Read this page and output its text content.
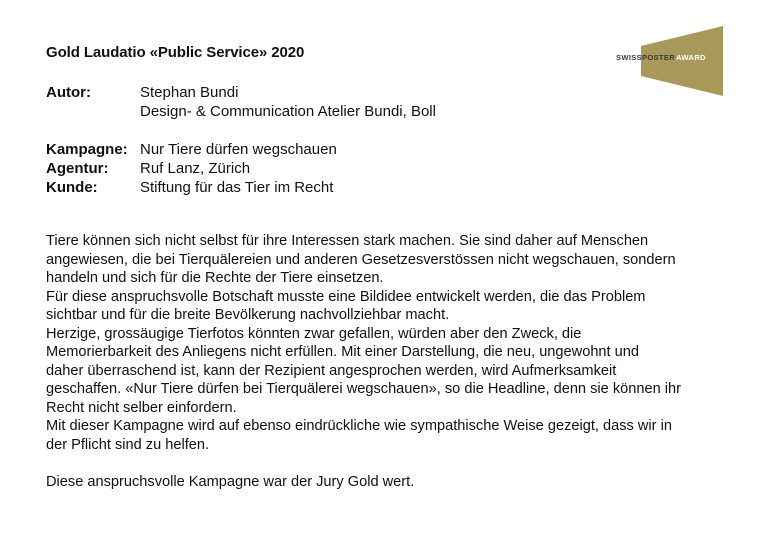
Gold Laudatio «Public Service» 2020	SWISSPOSTER AWARD
Autor:	Stephan Bundi
Design- & Communication Atelier Bundi, Boll
Kampagne: Nur Tiere dürfen wegschauen
Agentur: Ruf Lanz, Zürich
Kunde:	Stiftung für das Tier im Recht

Tiere können sich nicht selbst für ihre Interessen stark machen. Sie sind daher auf Menschen
angewiesen, die bei Tierquälereien und anderen Gesetzesverstössen nicht wegschauen, sondern
handeln und sich für die Rechte der Tiere einsetzen.

Für diese anspruchsvolle Botschaft musste eine Bildidee entwickelt werden, die das Problem
sichtbar und für die breite Bevölkerung nachvollziehbar macht.

Herzige, grossäugige Tierfotos könnten zwar gefallen, würden aber den Zweck, die
Memorierbarkeit des Anliegens nicht erfüllen. Mit einer Darstellung, die neu, ungewohnt und
daher überraschend ist, kann der Rezipient angesprochen werden, wird Aufmerksamkeit
geschaffen. «Nur Tiere dürfen bei Tierquälerei wegschauen», so die Headline, denn sie können ihr
Recht nicht selber einfordern.

Mit dieser Kampagne wird auf ebenso eindrückliche wie sympathische Weise gezeigt, dass wir in
der Pflicht sind zu helfen.

Diese anspruchsvolle Kampagne war der Jury Gold wert.
